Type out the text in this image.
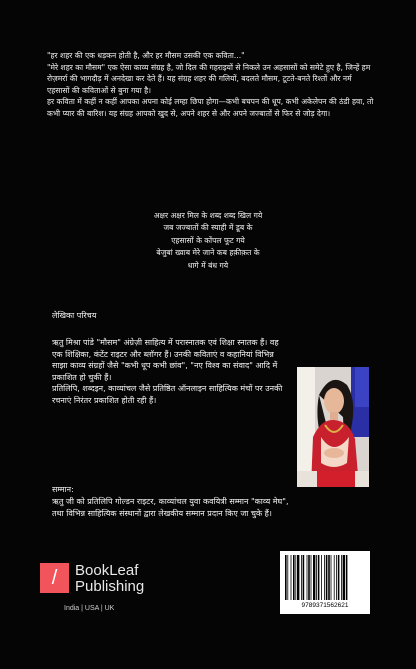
"हर शहर की एक धड़कन होती है, और हर मौसम उसकी एक कविता..."

"मेरे शहर का मौसम" एक ऐसा काव्य संग्रह है, जो दिल की गहराइयों से निकले उन अहसासों को समेटे हुए है, जिन्हें हम रोज़मर्रा की भागदौड़ में अनदेखा कर देते हैं। यह संग्रह शहर की गलियों, बदलते मौसम, टूटते-बनते रिश्तों और नर्म एहसासों की कविताओं से बुना गया है।

हर कविता में कहीं न कहीं आपका अपना कोई लम्हा छिपा होगा—कभी बचपन की धूप, कभी अकेलेपन की ठंडी हवा, तो कभी प्यार की बारिश। यह संग्रह आपको खुद से, अपने शहर से और अपने जज्बातों से फिर से जोड़ देगा।

अक्षर अक्षर मिल के शब्द शब्द खिल गये
जब जज्बातों की स्याही में डूब के
एहसासों के कोंपल फूट गये
बेजुबां ख्वाब मेरे जाने कब हक़ीक़त के
धागे में बंध गये
लेखिका परिचय

ऋतु मिश्रा पांडे "मौसम" अंग्रेज़ी साहित्य में परास्नातक एवं शिक्षा स्नातक हैं। वह एक शिक्षिका, कंटेंट राइटर और ब्लॉगर हैं। उनकी कविताएं व कहानियां विभिन्न साझा काव्य संग्रहों जैसे "कभी धूप कभी छांव", "नए विश्व का संवाद" आदि में प्रकाशित हो चुकी हैं।

प्रतिलिपि, शब्दइन, काव्यांचल जैसे प्रतिष्ठित ऑनलाइन साहित्यिक मंचों पर उनकी रचनाएं निरंतर प्रकाशित होती रही हैं।

सम्मान:
ऋतु जी को प्रतिलिपि गोल्डन राइटर, काव्यांचल युवा कवयित्री सम्मान "काव्य मेघ", तथा विभिन्न साहित्यिक संस्थानों द्वारा लेखकीय सम्मान प्रदान किए जा चुके हैं।
/	BookLeaf
Publishing
India | USA | UK	9789371562621
